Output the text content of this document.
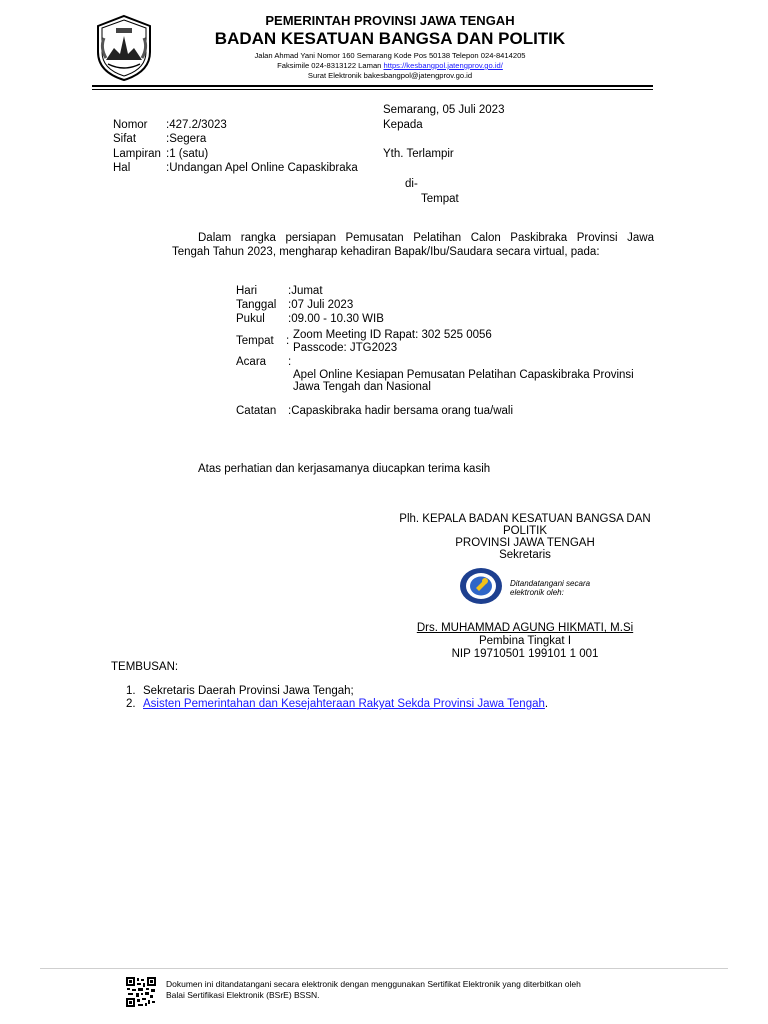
PEMERINTAH PROVINSI JAWA TENGAH
BADAN KESATUAN BANGSA DAN POLITIK
Jalan Ahmad Yani Nomor 160 Semarang Kode Pos 50138 Telepon 024-8414205
Faksimile 024-8313122 Laman https://kesbangpol.jatengprov.go.id/
Surat Elektronik bakesbangpol@jatengprov.go.id
Semarang, 05 Juli 2023
Kepada
Yth. Terlampir
di-
Tempat
Nomor :427.2/3023
Sifat	:Segera
Lampiran :1 (satu)
Hal	:Undangan Apel Online Capaskibraka
Dalam rangka persiapan Pemusatan Pelatihan Calon Paskibraka Provinsi Jawa
Tengah Tahun 2023, mengharap kehadiran Bapak/Ibu/Saudara secara virtual, pada:
Hari	:Jumat
Tanggal :07 Juli 2023
Pukul :09.00 - 10.30 WIB
Tempat : Zoom Meeting ID Rapat: 302 525 0056
Passcode: JTG2023
Acara :
Apel Online Kesiapan Pemusatan Pelatihan Capaskibraka Provinsi
Jawa Tengah dan Nasional
Catatan :Capaskibraka hadir bersama orang tua/wali
Atas perhatian dan kerjasamanya diucapkan terima kasih
Plh. KEPALA BADAN KESATUAN BANGSA DAN
POLITIK
PROVINSI JAWA TENGAH
Sekretaris
Ditandatangani secara
elektronik oleh:
Drs. MUHAMMAD AGUNG HIKMATI, M.Si
Pembina Tingkat I
NIP 19710501 199101 1 001
TEMBUSAN:
1. Sekretaris Daerah Provinsi Jawa Tengah;
2. Asisten Pemerintahan dan Kesejahteraan Rakyat Sekda Provinsi Jawa Tengah.
Dokumen ini ditandatangani secara elektronik dengan menggunakan Sertifikat Elektronik yang diterbitkan oleh
Balai Sertifikasi Elektronik (BSrE) BSSN.
